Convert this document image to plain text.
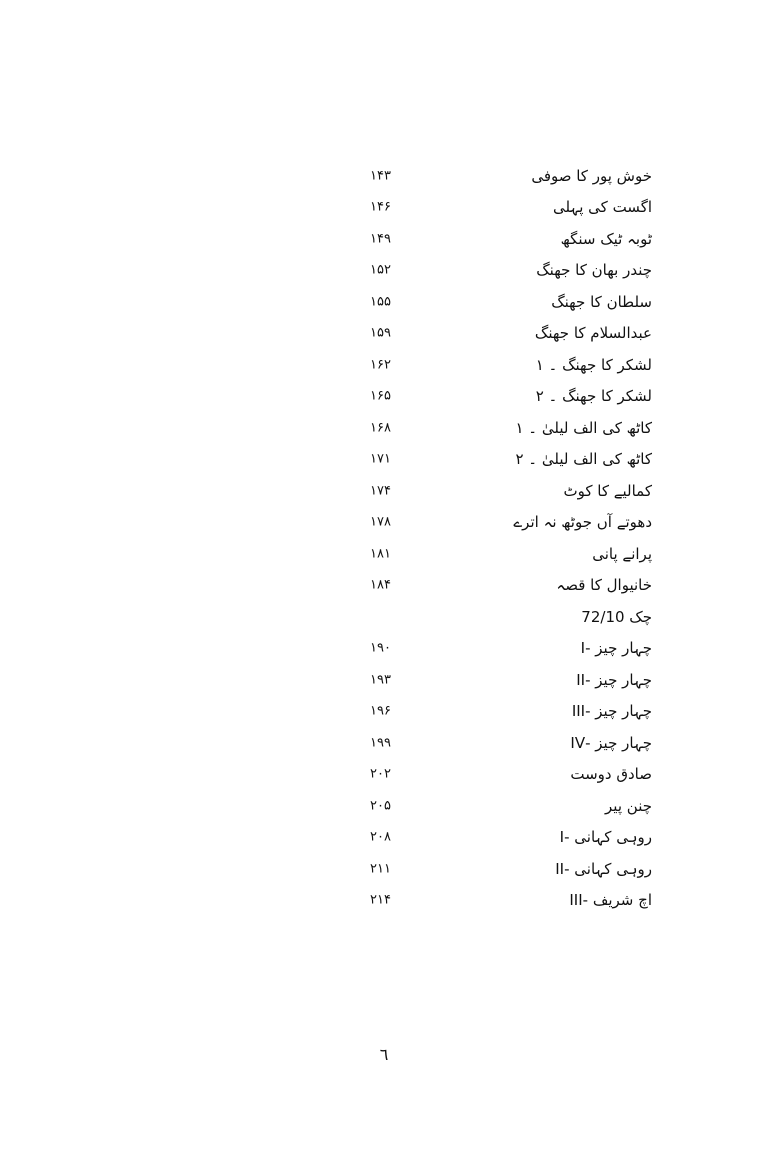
خوش پور کا صوفی
۱۴۳
اگست کی پہلی
۱۴۶
ٹوبہ ٹیک سنگھ
۱۴۹
چندر بھان کا جھنگ
۱۵۲
سلطان کا جھنگ
۱۵۵
عبدالسلام کا جھنگ
۱۵۹
لشکر کا جھنگ ۔ ۱
۱۶۲
لشکر کا جھنگ ۔ ۲
۱۶۵
کاٹھ کی الف لیلیٰ ۔ ۱
۱۶۸
کاٹھ کی الف لیلیٰ ۔ ۲
۱۷۱
کمالیے کا کوٹ
۱۷۴
دھوتے آں جوٹھ نہ اترے
۱۷۸
پرانے پانی
۱۸۱
خانیوال کا قصہ
۱۸۴
چک 72/10
چہار چیز -I
۱۹۰
چہار چیز -II
۱۹۳
چہار چیز -III
۱۹۶
چہار چیز -IV
۱۹۹
صادق دوست
۲۰۲
چنن پیر
۲۰۵
روہی کہانی -I
۲۰۸
روہی کہانی -II
۲۱۱
اچ شریف -III
۲۱۴
٦
